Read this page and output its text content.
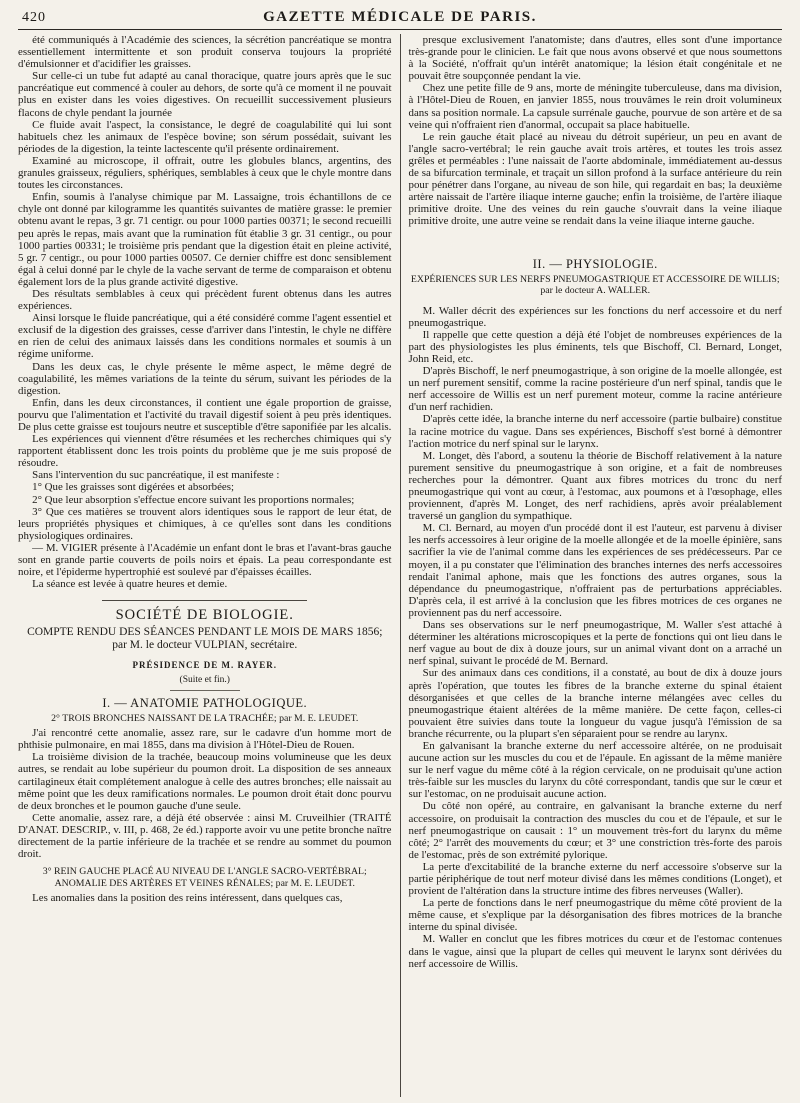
420	GAZETTE MÉDICALE DE PARIS.

été communiqués à l'Académie des sciences, la sécrétion pancréatique se montra essentiellement intermittente et son produit conserva toujours la propriété d'émulsionner et d'acidifier les graisses.

Sur celle-ci un tube fut adapté au canal thoracique, quatre jours après que le suc pancréatique eut commencé à couler au dehors, de sorte qu'à ce moment il ne pouvait plus en exister dans les voies digestives. On recueillit successivement plusieurs flacons de chyle pendant la journée

Ce fluide avait l'aspect, la consistance, le degré de coagulabilité qui lui sont habituels chez les animaux de l'espèce bovine; son sérum possédait, suivant les périodes de la digestion, la teinte lactescente qu'il présente ordinairement.

Examiné au microscope, il offrait, outre les globules blancs, argentins, des granules graisseux, réguliers, sphériques, semblables à ceux que le chyle montre dans toutes les circonstances.

Enfin, soumis à l'analyse chimique par M. Lassaigne, trois échantillons de ce chyle ont donné par kilogramme les quantités suivantes de matière grasse: le premier obtenu avant le repas, 3 gr. 71 centigr. ou pour 1000 parties 00371; le second recueilli peu après le repas, mais avant que la rumination fût établie 3 gr. 31 centigr., ou pour 1000 parties 00331; le troisième pris pendant que la digestion était en pleine activité, 5 gr. 7 centigr., ou pour 1000 parties 00507. Ce dernier chiffre est donc sensiblement égal à celui donné par le chyle de la vache servant de terme de comparaison et obtenu également lors de la plus grande activité digestive.

Des résultats semblables à ceux qui précèdent furent obtenus dans les autres expériences.

Ainsi lorsque le fluide pancréatique, qui a été considéré comme l'agent essentiel et exclusif de la digestion des graisses, cesse d'arriver dans l'intestin, le chyle ne diffère en rien de celui des animaux laissés dans les conditions normales et soumis à un régime uniforme.

Dans les deux cas, le chyle présente le même aspect, le même degré de coagulabilité, les mêmes variations de la teinte du sérum, suivant les périodes de la digestion.

Enfin, dans les deux circonstances, il contient une égale proportion de graisse, pourvu que l'alimentation et l'activité du travail digestif soient à peu près identiques. De plus cette graisse est toujours neutre et susceptible d'être saponifiée par les alcalis.

Les expériences qui viennent d'être résumées et les recherches chimiques qui s'y rapportent établissent donc les trois points du problème que je me suis proposé de résoudre.

Sans l'intervention du suc pancréatique, il est manifeste :

1° Que les graisses sont digérées et absorbées;

2° Que leur absorption s'effectue encore suivant les proportions normales;

3° Que ces matières se trouvent alors identiques sous le rapport de leur état, de leurs propriétés physiques et chimiques, à ce qu'elles sont dans les conditions physiologiques ordinaires.

— M. VIGIER présente à l'Académie un enfant dont le bras et l'avant-bras gauche sont en grande partie couverts de poils noirs et épais. La peau correspondante est noire, et l'épiderme hypertrophié est soulevé par d'épaisses écailles.

La séance est levée à quatre heures et demie.

SOCIÉTÉ DE BIOLOGIE.
COMPTE RENDU DES SÉANCES PENDANT LE MOIS DE MARS 1856; par M. le docteur VULPIAN, secrétaire.
PRÉSIDENCE DE M. RAYER.
(Suite et fin.)
I. — ANATOMIE PATHOLOGIQUE.
2° TROIS BRONCHES NAISSANT DE LA TRACHÉE; par M. E. LEUDET.

J'ai rencontré cette anomalie, assez rare, sur le cadavre d'un homme mort de phthisie pulmonaire, en mai 1855, dans ma division à l'Hôtel-Dieu de Rouen.

La troisième division de la trachée, beaucoup moins volumineuse que les deux autres, se rendait au lobe supérieur du poumon droit. La disposition de ses anneaux cartilagineux était complétement analogue à celle des autres bronches; elle naissait au même point que les deux ramifications normales. Le poumon droit était donc pourvu de deux bronches et le poumon gauche d'une seule.

Cette anomalie, assez rare, a déjà été observée : ainsi M. Cruveilhier (TRAITÉ D'ANAT. DESCRIP., v. III, p. 468, 2e éd.) rapporte avoir vu une petite bronche naître directement de la partie inférieure de la trachée et se rendre au sommet du poumon droit.

3° REIN GAUCHE PLACÉ AU NIVEAU DE L'ANGLE SACRO-VERTÉBRAL; ANOMALIE DES ARTÈRES ET VEINES RÉNALES; par M. E. LEUDET.

Les anomalies dans la position des reins intéressent, dans quelques cas,

presque exclusivement l'anatomiste; dans d'autres, elles sont d'une importance très-grande pour le clinicien. Le fait que nous avons observé et que nous soumettons à la Société, n'offrait qu'un intérêt anatomique; la lésion était congénitale et ne pouvait être soupçonnée pendant la vie.

Chez une petite fille de 9 ans, morte de méningite tuberculeuse, dans ma division, à l'Hôtel-Dieu de Rouen, en janvier 1855, nous trouvâmes le rein droit volumineux dans sa position normale. La capsule surrénale gauche, pourvue de son artère et de sa veine qui n'offraient rien d'anormal, occupait sa place habituelle.

Le rein gauche était placé au niveau du détroit supérieur, un peu en avant de l'angle sacro-vertébral; le rein gauche avait trois artères, et toutes les trois assez grêles et perméables : l'une naissait de l'aorte abdominale, immédiatement au-dessus de sa bifurcation terminale, et traçait un sillon profond à la surface antérieure du rein pour pénétrer dans l'organe, au niveau de son hile, qui regardait en bas; la deuxième artère naissait de l'artère iliaque interne gauche; enfin la troisième, de l'artère iliaque primitive droite. Une des veines du rein gauche s'ouvrait dans la veine iliaque primitive droite, une autre veine se rendait dans la veine iliaque interne gauche.

II. — PHYSIOLOGIE.
EXPÉRIENCES SUR LES NERFS PNEUMOGASTRIQUE ET ACCESSOIRE DE WILLIS; par le docteur A. WALLER.

M. Waller décrit des expériences sur les fonctions du nerf accessoire et du nerf pneumogastrique.

Il rappelle que cette question a déjà été l'objet de nombreuses expériences de la part des physiologistes les plus éminents, tels que Bischoff, Cl. Bernard, Longet, John Reid, etc.

D'après Bischoff, le nerf pneumogastrique, à son origine de la moelle allongée, est un nerf purement sensitif, comme la racine postérieure d'un nerf spinal, tandis que le nerf accessoire de Willis est un nerf purement moteur, comme la racine antérieure d'un nerf rachidien.

D'après cette idée, la branche interne du nerf accessoire (partie bulbaire) constitue la racine motrice du vague. Dans ses expériences, Bischoff s'est borné à démontrer l'action motrice du nerf spinal sur le larynx.

M. Longet, dès l'abord, a soutenu la théorie de Bischoff relativement à la nature purement sensitive du pneumogastrique à son origine, et a fait de nombreuses recherches pour la démontrer. Quant aux fibres motrices du tronc du nerf pneumogastrique qui vont au cœur, à l'estomac, aux poumons et à l'œsophage, elles proviennent, d'après M. Longet, des nerf rachidiens, après avoir préalablement traversé un ganglion du sympathique.

M. Cl. Bernard, au moyen d'un procédé dont il est l'auteur, est parvenu à diviser les nerfs accessoires à leur origine de la moelle allongée et de la moelle épinière, sans sacrifier la vie de l'animal comme dans les expériences de ses prédécesseurs. Par ce moyen, il a pu constater que l'élimination des branches internes des nerfs accessoires rendait l'animal aphone, mais que les fonctions des autres organes, sous la dépendance du pneumogastrique, n'offraient pas de perturbations appréciables. D'après cela, il est arrivé à la conclusion que les fibres motrices de ces organes ne proviennent pas du nerf accessoire.

Dans ses observations sur le nerf pneumogastrique, M. Waller s'est attaché à déterminer les altérations microscopiques et la perte de fonctions qui ont lieu dans le nerf vague au bout de dix à douze jours, sur un animal vivant dont on a arraché un nerf spinal, suivant le procédé de M. Bernard.

Sur des animaux dans ces conditions, il a constaté, au bout de dix à douze jours après l'opération, que toutes les fibres de la branche externe du spinal étaient désorganisées et que celles de la branche interne mélangées avec celles du pneumogastrique étaient altérées de la même manière. De cette façon, celles-ci pouvaient être suivies dans toute la longueur du vague jusqu'à l'émission de sa branche récurrente, ou la plupart s'en séparaient pour se rendre au larynx.

En galvanisant la branche externe du nerf accessoire altérée, on ne produisait aucune action sur les muscles du cou et de l'épaule. En agissant de la même manière sur le nerf vague du même côté à la région cervicale, on ne produisait qu'une action très-faible sur les muscles du larynx du côté correspondant, tandis que sur le cœur et sur l'estomac, on ne produisait aucune action.

Du côté non opéré, au contraire, en galvanisant la branche externe du nerf accessoire, on produisait la contraction des muscles du cou et de l'épaule, et sur le nerf pneumogastrique on causait : 1° un mouvement très-fort du larynx du même côté; 2° l'arrêt des mouvements du cœur; et 3° une constriction très-forte des parois de l'estomac, près de son extrémité pylorique.

La perte d'excitabilité de la branche externe du nerf accessoire s'observe sur la partie périphérique de tout nerf moteur divisé dans les mêmes conditions (Longet), et provient de l'altération dans la structure intime des fibres nerveuses (Waller).

La perte de fonctions dans le nerf pneumogastrique du même côté provient de la même cause, et s'explique par la désorganisation des fibres motrices de la branche interne du spinal divisée.

M. Waller en conclut que les fibres motrices du cœur et de l'estomac contenues dans le vague, ainsi que la plupart de celles qui meuvent le larynx sont dérivées du nerf accessoire de Willis.
